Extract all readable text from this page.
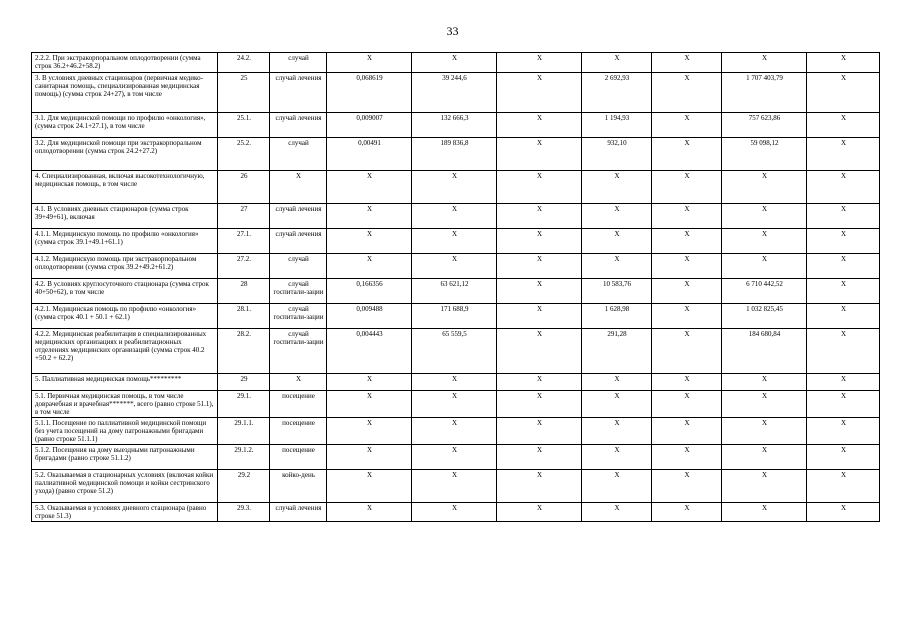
33
2.2.2. При экстракорпоральном оплодотворении (сумма строк 36.2+46.2+58.2)	24.2.	случай	X	X	X	X	X	X	X	
3. В условиях дневных стационаров (первичная медико-санитарная помощь, специализированная медицинская помощь) (сумма строк 24+27), в том числе	25	случай лечения	0,068619	39 244,6	X	2 692,93	X	1 707 403,79	X	
3.1. Для медицинской помощи по профилю «онкология», (сумма строк 24.1+27.1), в том числе	25.1.	случай лечения	0,009007	132 666,3	X	1 194,93	X	757 623,86	X	
3.2. Для медицинской помощи при экстракорпоральном оплодотворении (сумма строк 24.2+27.2)	25.2.	случай	0,00491	189 836,8	X	932,10	X	59 098,12	X	
4. Специализированная, включая высокотехнологичную, медицинская помощь, в том числе	26	X	X	X	X	X	X	X	X	
4.1. В условиях дневных стационаров (сумма строк 39+49+61), включая	27	случай лечения	X	X	X	X	X	X	X	
4.1.1. Медицинскую помощь по профилю «онкология» (сумма строк 39.1+49.1+61.1)	27.1.	случай лечения	X	X	X	X	X	X	X	
4.1.2. Медицинскую помощь при экстракорпоральном оплодотворении (сумма строк 39.2+49.2+61.2)	27.2.	случай	X	X	X	X	X	X	X	
4.2. В условиях круглосуточного стационара (сумма строк 40+50+62), в том числе	28	случай госпитали-зации	0,166356	63 621,12	X	10 583,76	X	6 710 442,52	X	
4.2.1. Медицинская помощь по профилю «онкология» (сумма строк 40.1 + 50.1 + 62.1)	28.1.	случай госпитали-зации	0,009488	171 688,9	X	1 628,98	X	1 032 825,45	X	
4.2.2. Медицинская реабилитация в специализированных медицинских организациях и реабилитационных отделениях медицинских организаций (сумма строк 40.2 +50.2 + 62.2)	28.2.	случай госпитали-зации	0,004443	65 559,5	X	291,28	X	184 680,84	X	
5. Паллиативная медицинская помощь*********	29	X	X	X	X	X	X	X	X	
5.1. Первичная медицинская помощь, в том числе доврачебная и врачебная*******, всего (равно строке 51.1), в том числе	29.1.	посещение	X	X	X	X	X	X	X	
5.1.1. Посещение по паллиативной медицинской помощи без учета посещений на дому патронажными бригадами (равно строке 51.1.1)	29.1.1.	посещение	X	X	X	X	X	X	X	
5.1.2. Посещения на дому выездными патронажными бригадами (равно строке 51.1.2)	29.1.2.	посещение	X	X	X	X	X	X	X	
5.2. Оказываемая в стационарных условиях (включая койки паллиативной медицинской помощи и койки сестринского ухода) (равно строке 51.2)	29.2	койко-день	X	X	X	X	X	X	X	
5.3. Оказываемая в условиях дневного стационара (равно строке 51.3)	29.3.	случай лечения	X	X	X	X	X	X	X	
